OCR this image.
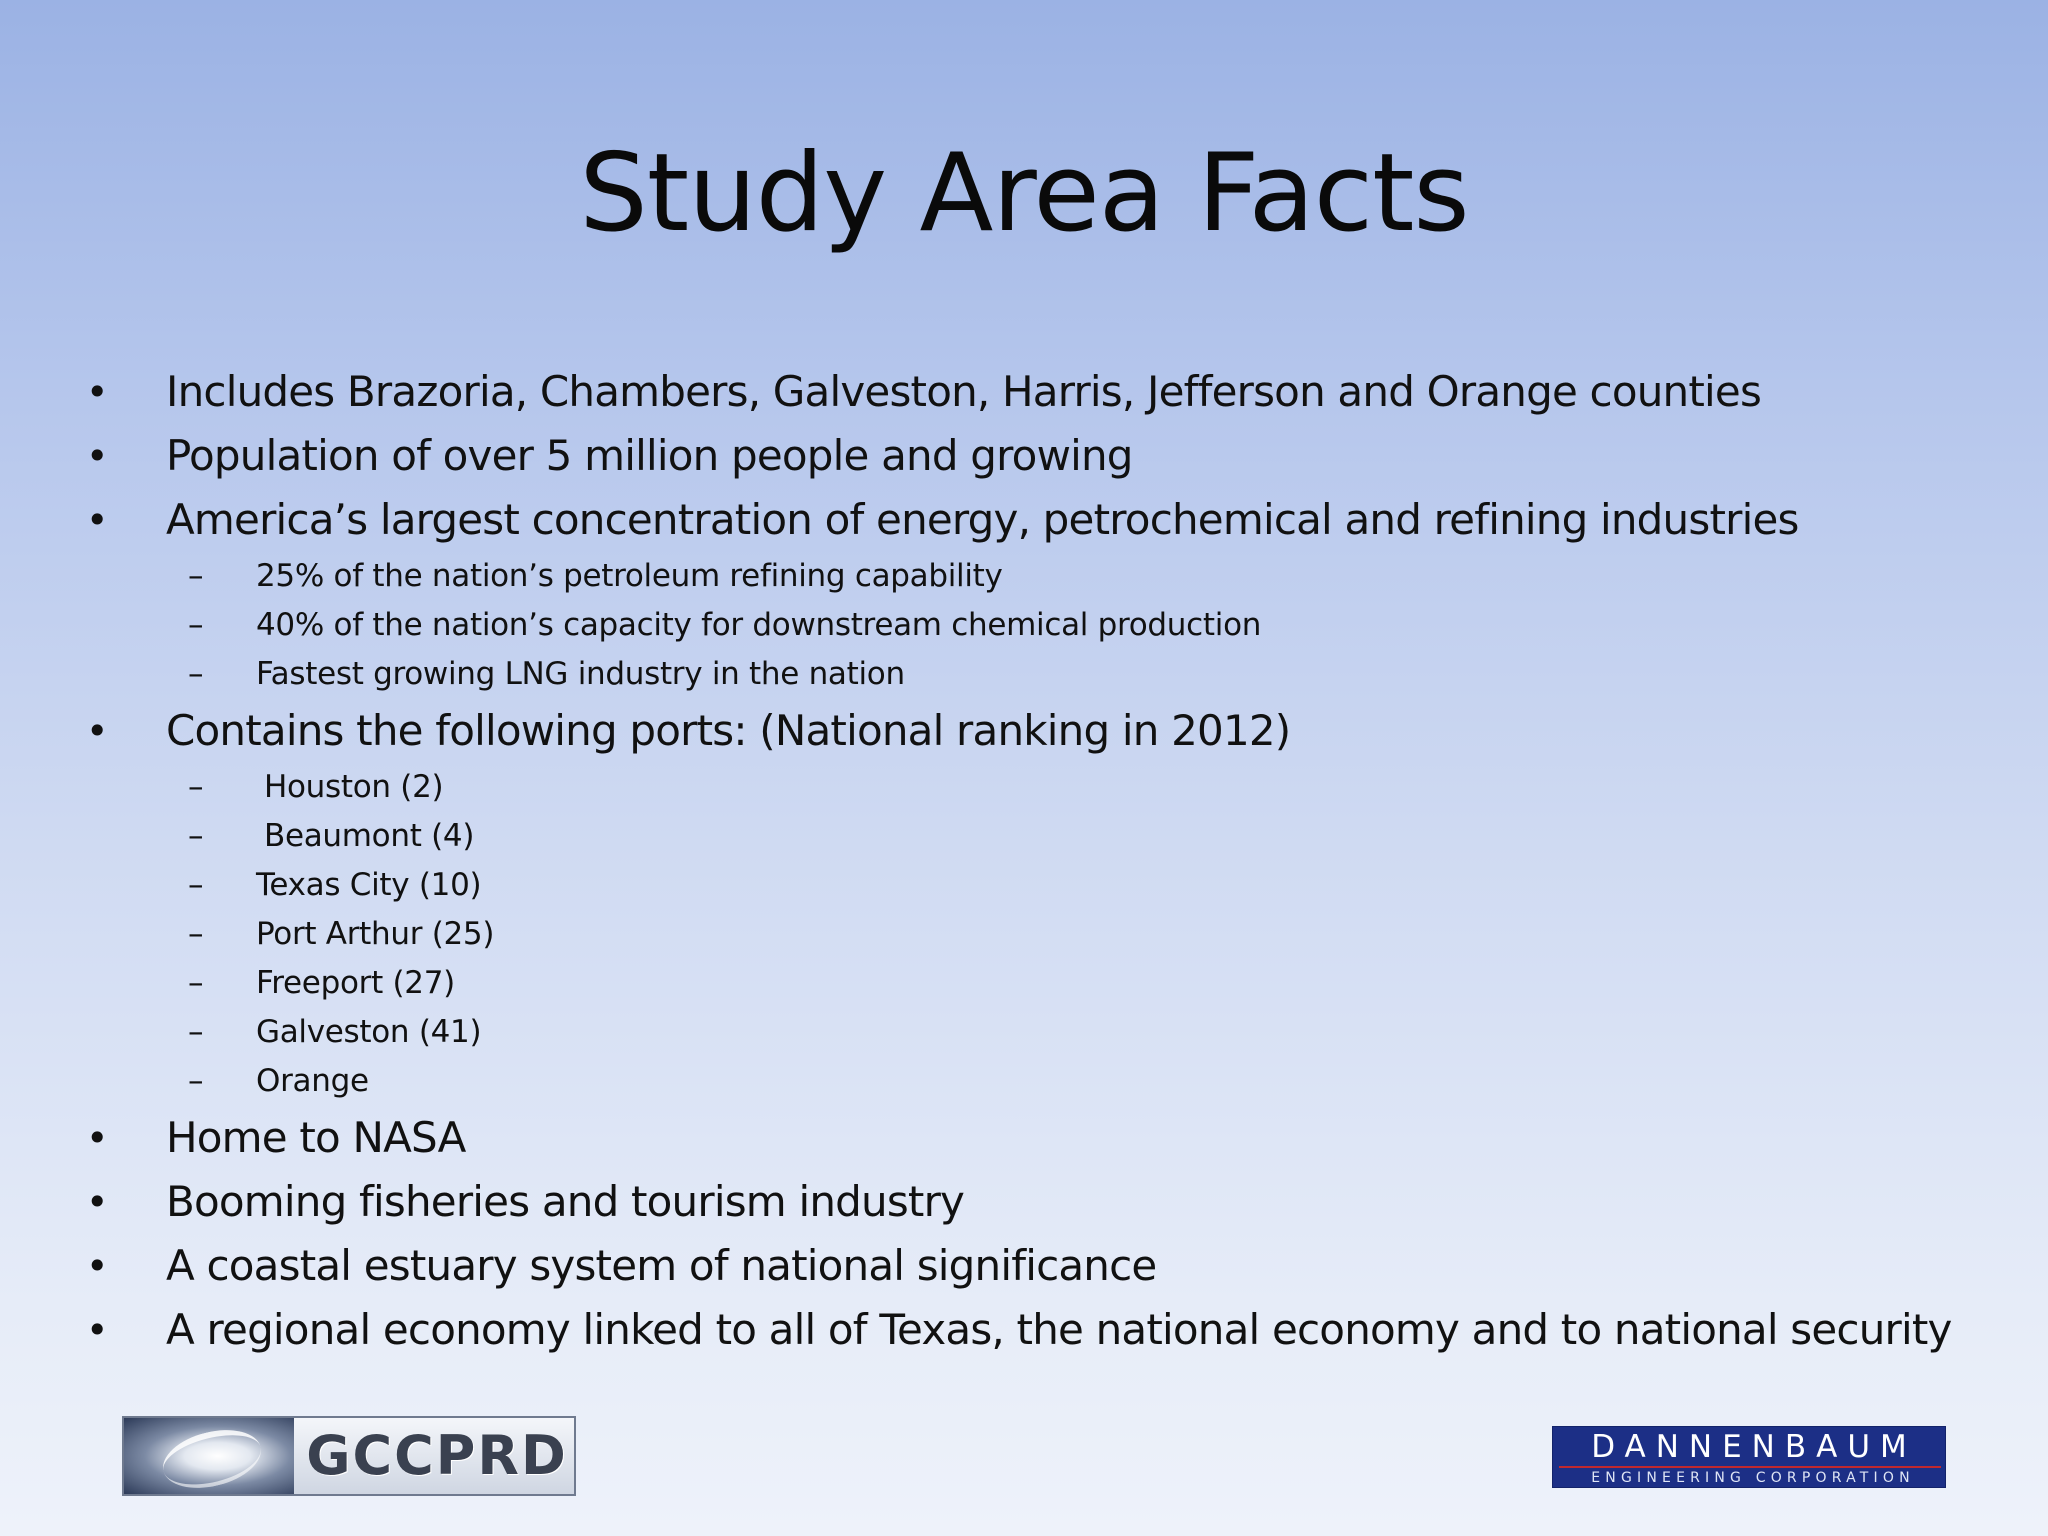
Study Area Facts
• Includes Brazoria, Chambers, Galveston, Harris, Jefferson and Orange counties
• Population of over 5 million people and growing
• America’s largest concentration of energy, petrochemical and refining industries
– 25% of the nation’s petroleum refining capability
– 40% of the nation’s capacity for downstream chemical production
– Fastest growing LNG industry in the nation
• Contains the following ports: (National ranking in 2012)
– Houston (2)
– Beaumont (4)
– Texas City (10)
– Port Arthur (25)
– Freeport (27)
– Galveston (41)
– Orange
• Home to NASA
• Booming fisheries and tourism industry
• A coastal estuary system of national significance
• A regional economy linked to all of Texas, the national economy and to national security
GCCPRD	DANNENBAUM
ENGINEERING CORPORATION
